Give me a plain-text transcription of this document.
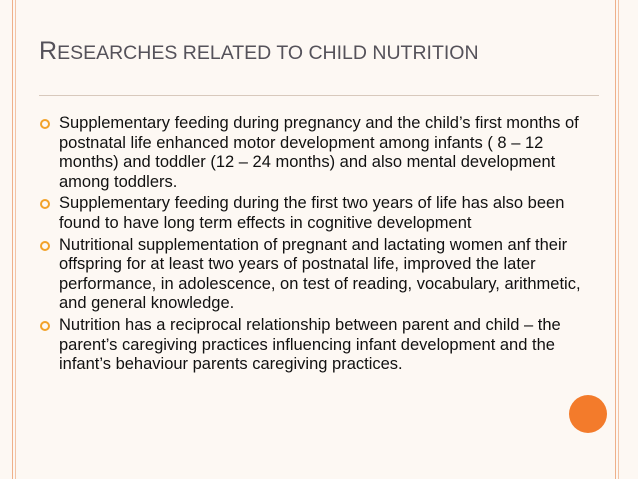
RESEARCHES RELATED TO CHILD NUTRITION
Supplementary feeding during pregnancy and the child’s first months of postnatal life enhanced motor development among infants ( 8 – 12 months) and toddler (12 – 24 months) and also mental development among toddlers.
Supplementary feeding during the first two years of life has also been found to have long term effects in cognitive development
Nutritional supplementation of pregnant and lactating women anf their offspring for at least two years of postnatal life, improved the later performance, in adolescence, on test of reading, vocabulary, arithmetic, and general knowledge.
Nutrition has a reciprocal relationship between parent and child – the parent’s caregiving practices influencing infant development and the infant’s behaviour parents caregiving practices.
